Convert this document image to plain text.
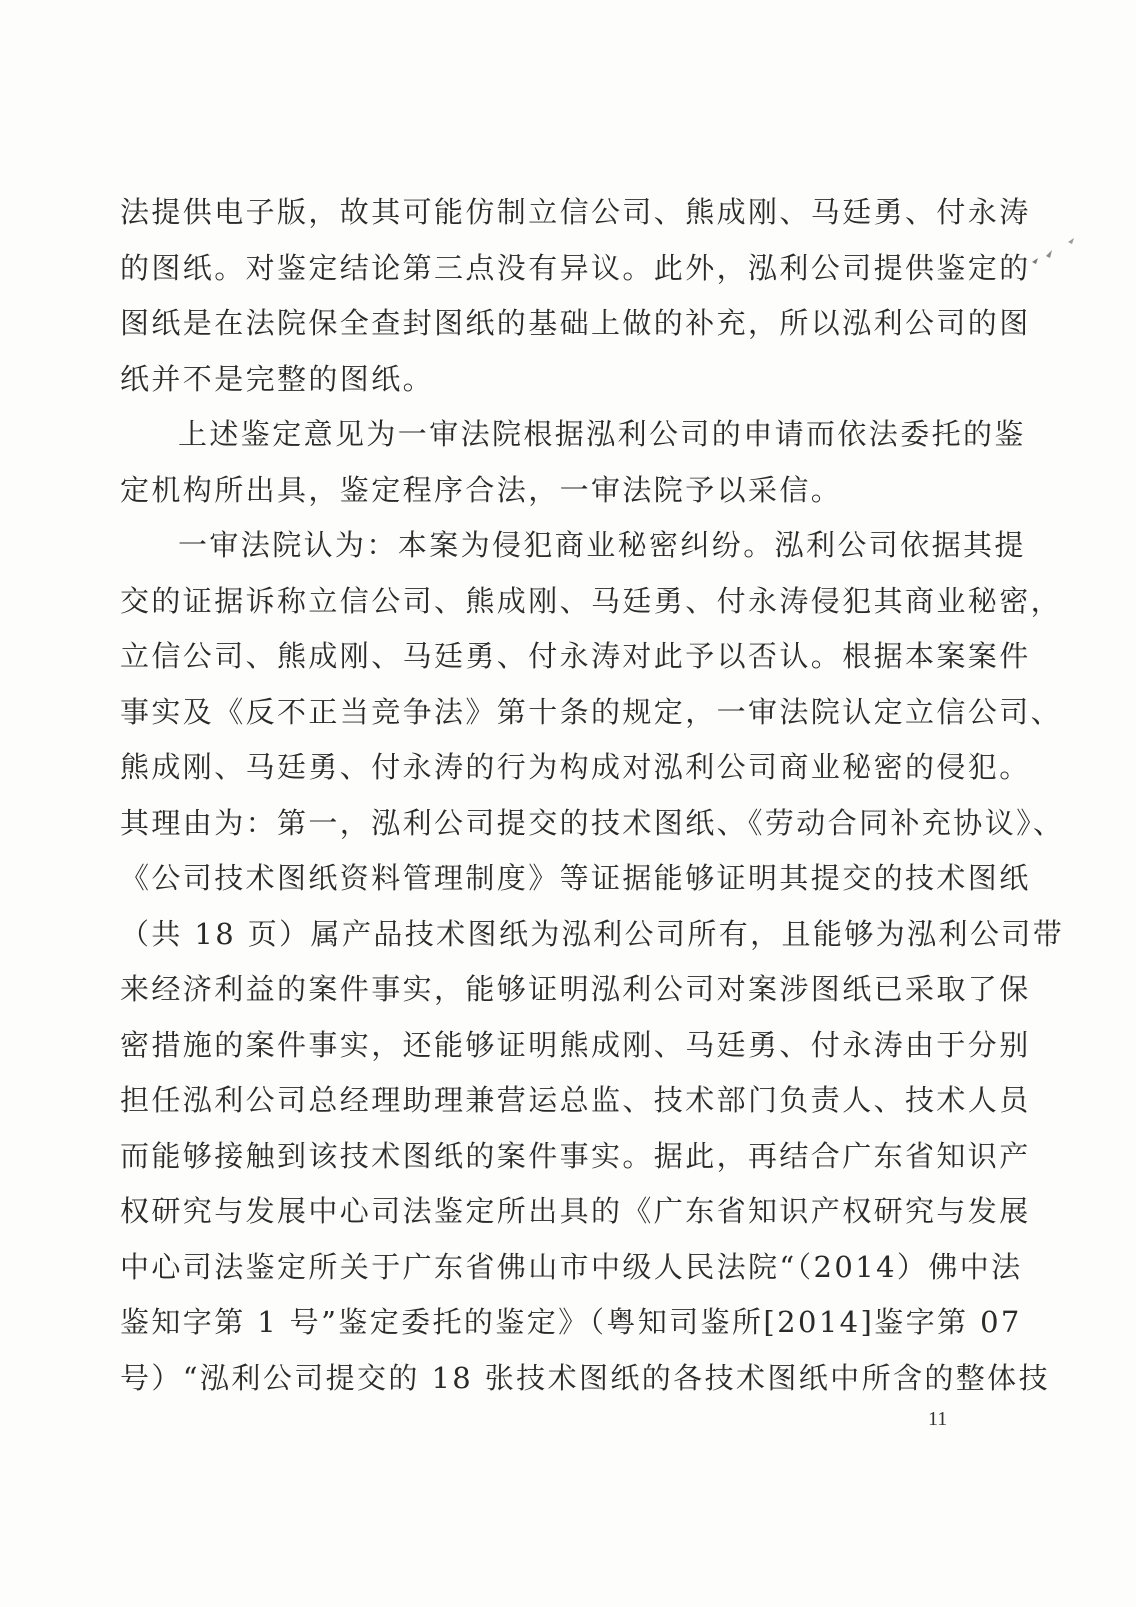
法提供电子版，故其可能仿制立信公司、熊成刚、马廷勇、付永涛
的图纸。对鉴定结论第三点没有异议。此外，泓利公司提供鉴定的
图纸是在法院保全查封图纸的基础上做的补充，所以泓利公司的图
纸并不是完整的图纸。
上述鉴定意见为一审法院根据泓利公司的申请而依法委托的鉴
定机构所出具，鉴定程序合法，一审法院予以采信。
一审法院认为：本案为侵犯商业秘密纠纷。泓利公司依据其提
交的证据诉称立信公司、熊成刚、马廷勇、付永涛侵犯其商业秘密，
立信公司、熊成刚、马廷勇、付永涛对此予以否认。根据本案案件
事实及《反不正当竞争法》第十条的规定，一审法院认定立信公司、
熊成刚、马廷勇、付永涛的行为构成对泓利公司商业秘密的侵犯。
其理由为：第一，泓利公司提交的技术图纸、《劳动合同补充协议》、
《公司技术图纸资料管理制度》等证据能够证明其提交的技术图纸
（共 18 页）属产品技术图纸为泓利公司所有，且能够为泓利公司带
来经济利益的案件事实，能够证明泓利公司对案涉图纸已采取了保
密措施的案件事实，还能够证明熊成刚、马廷勇、付永涛由于分别
担任泓利公司总经理助理兼营运总监、技术部门负责人、技术人员
而能够接触到该技术图纸的案件事实。据此，再结合广东省知识产
权研究与发展中心司法鉴定所出具的《广东省知识产权研究与发展
中心司法鉴定所关于广东省佛山市中级人民法院“（2014）佛中法
鉴知字第 1 号”鉴定委托的鉴定》（粤知司鉴所[2014]鉴字第 07
号）“泓利公司提交的 18 张技术图纸的各技术图纸中所含的整体技
11
